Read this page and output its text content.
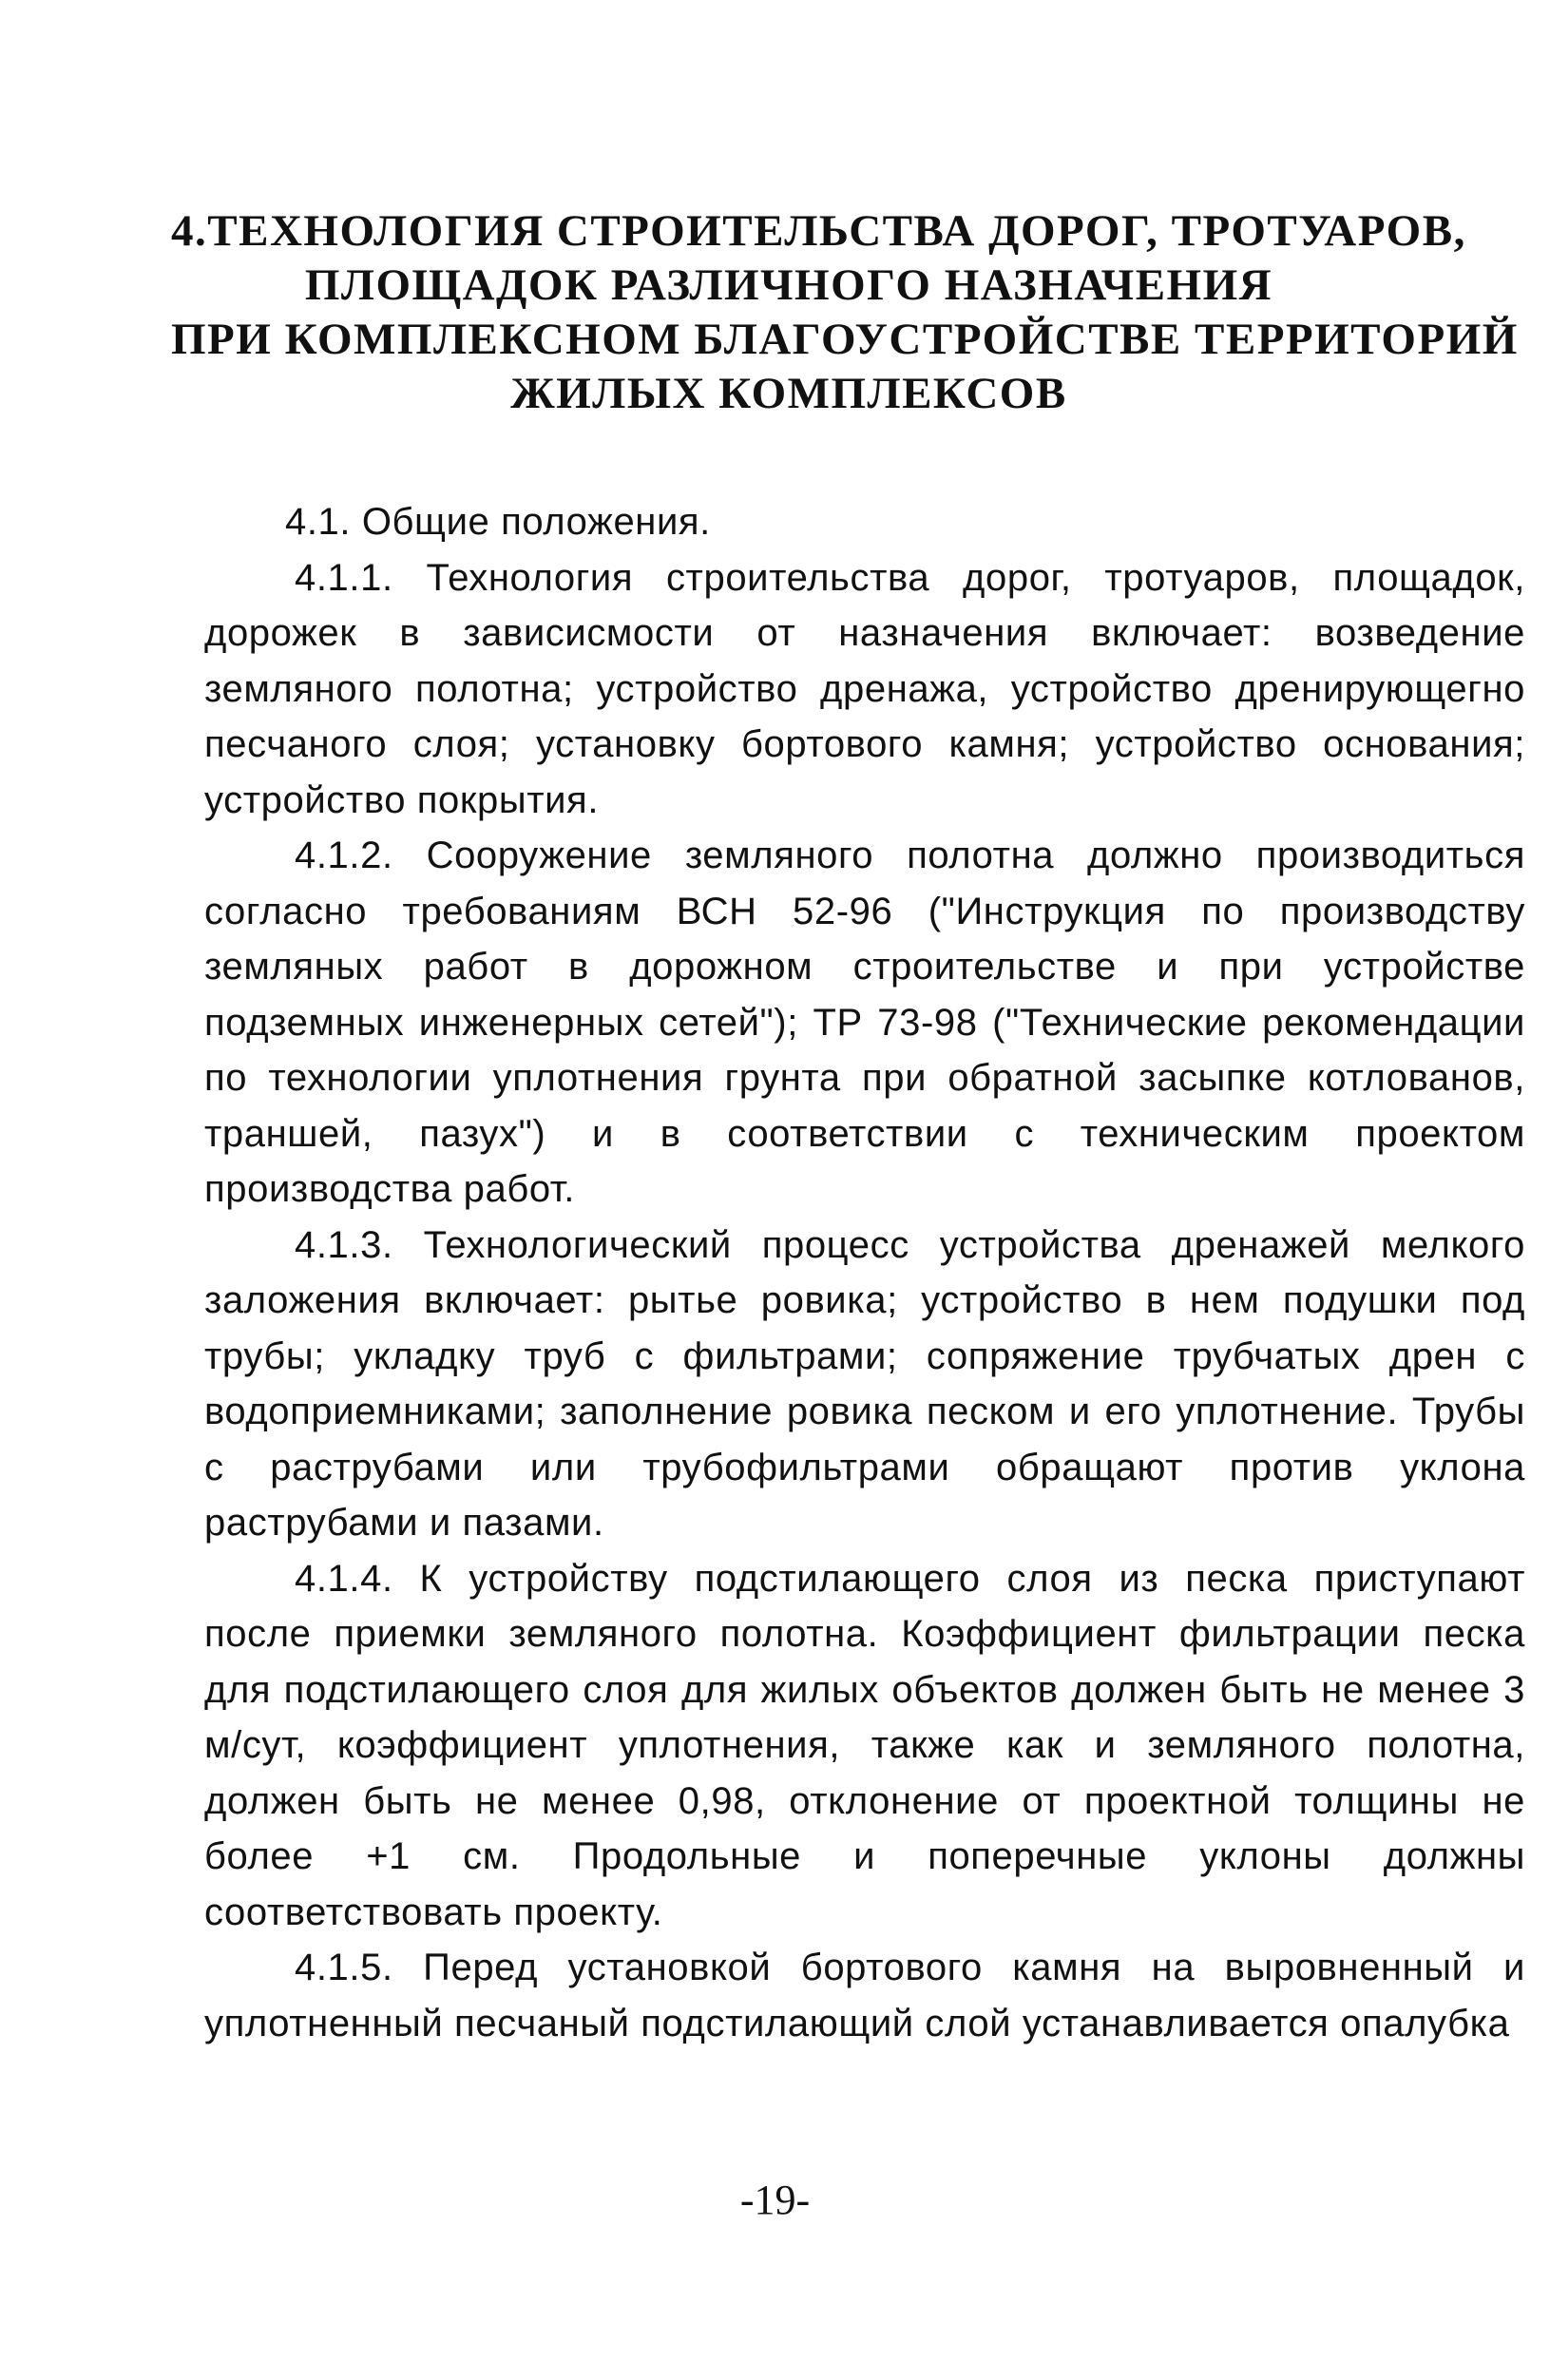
4.ТЕХНОЛОГИЯ СТРОИТЕЛЬСТВА ДОРОГ, ТРОТУАРОВ,
ПЛОЩАДОК РАЗЛИЧНОГО НАЗНАЧЕНИЯ
ПРИ КОМПЛЕКСНОМ БЛАГОУСТРОЙСТВЕ ТЕРРИТОРИЙ
ЖИЛЫХ КОМПЛЕКСОВ
4.1. Общие положения.

4.1.1. Технология строительства дорог, тротуаров, площадок, дорожек в завиcисмости от назначения включает: возведение земляного полотна; устройство дренажа, устройство дренирующегно песчаного слоя; установку бортового камня; устройство основания; устройство покрытия.

4.1.2. Сооружение земляного полотна должно производиться согласно требованиям ВСН 52-96 ("Инструкция по производству земляных работ в дорожном строительстве и при устройстве подземных инженерных сетей"); ТР 73-98 ("Технические рекомендации по технологии уплотнения грунта при обратной засыпке котлованов, траншей, пазух") и в соответствии с техническим проектом производства работ.

4.1.3. Технологический процесс устройства дренажей мелкого заложения включает: рытье ровика; устройство в нем подушки под трубы; укладку труб с фильтрами; сопряжение трубчатых дрен с водоприемниками; заполнение ровика песком и его уплотнение. Трубы с раструбами или трубофильтрами обращают против уклона раструбами и пазами.

4.1.4. К устройству подстилающего слоя из песка приступают после приемки земляного полотна. Коэффициент фильтрации песка для подстилающего слоя для жилых объектов должен быть не менее 3 м/сут, коэффициент уплотнения, также как и земляного полотна, должен быть не менее 0,98, отклонение от проектной толщины не более +1 см. Продольные и поперечные уклоны должны соответствовать проекту.

4.1.5. Перед установкой бортового камня на выровненный и уплотненный песчаный подстилающий слой устанавливается опалубка

-19-
